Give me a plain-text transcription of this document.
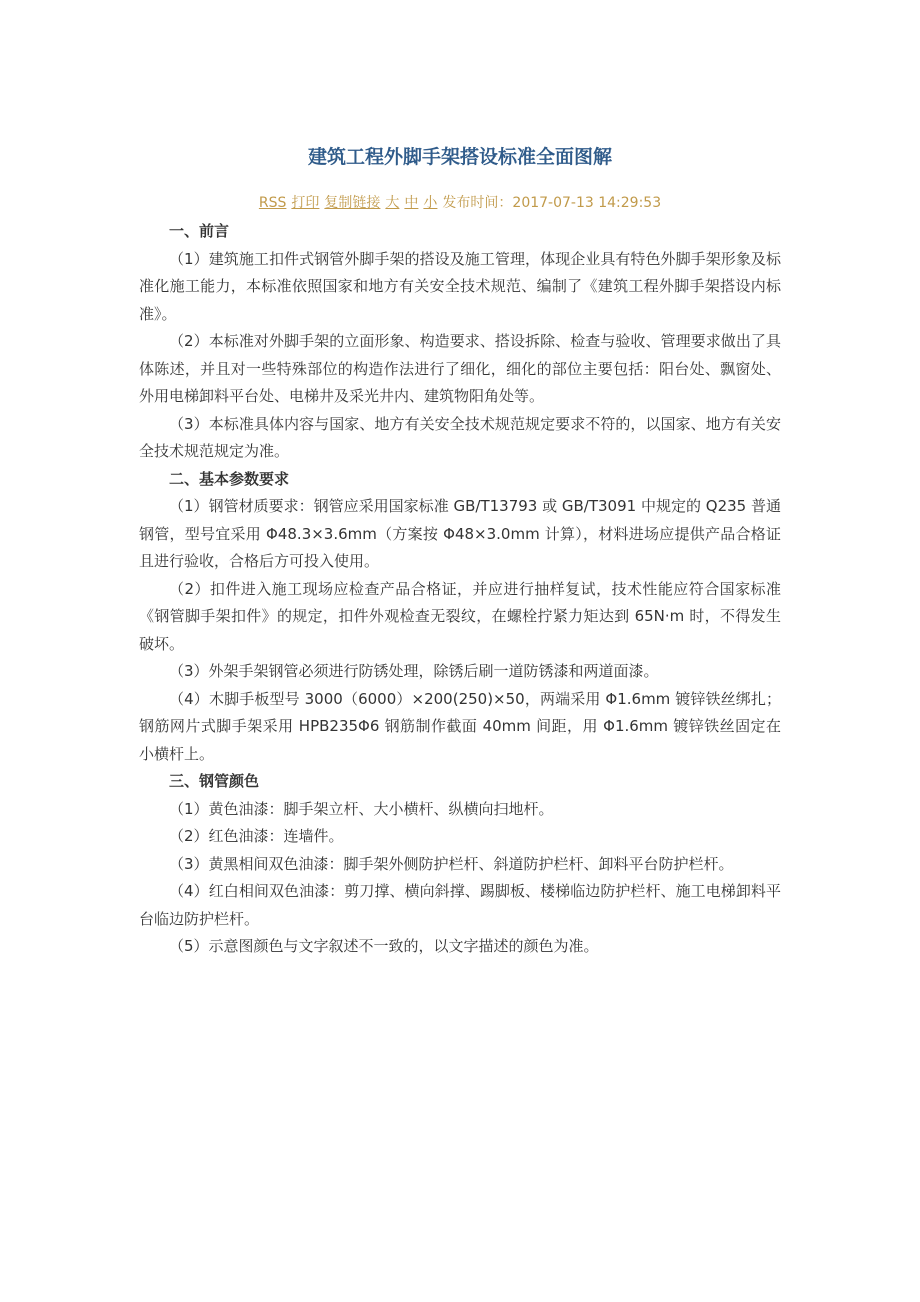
建筑工程外脚手架搭设标准全面图解
RSS 打印 复制链接 大 中 小 发布时间：2017-07-13 14:29:53

一、前言

（1）建筑施工扣件式钢管外脚手架的搭设及施工管理，体现企业具有特色外脚手架形象及标准化施工能力，本标准依照国家和地方有关安全技术规范、编制了《建筑工程外脚手架搭设内标准》。

（2）本标准对外脚手架的立面形象、构造要求、搭设拆除、检查与验收、管理要求做出了具体陈述，并且对一些特殊部位的构造作法进行了细化，细化的部位主要包括：阳台处、飘窗处、外用电梯卸料平台处、电梯井及采光井内、建筑物阳角处等。

（3）本标准具体内容与国家、地方有关安全技术规范规定要求不符的，以国家、地方有关安全技术规范规定为准。

二、基本参数要求

（1）钢管材质要求：钢管应采用国家标准 GB/T13793 或 GB/T3091 中规定的 Q235 普通钢管，型号宜采用 Φ48.3×3.6mm（方案按 Φ48×3.0mm 计算），材料进场应提供产品合格证且进行验收，合格后方可投入使用。

（2）扣件进入施工现场应检查产品合格证，并应进行抽样复试，技术性能应符合国家标准《钢管脚手架扣件》的规定，扣件外观检查无裂纹，在螺栓拧紧力矩达到 65N·m 时，不得发生破坏。

（3）外架手架钢管必须进行防锈处理，除锈后刷一道防锈漆和两道面漆。

（4）木脚手板型号 3000（6000）×200(250)×50，两端采用 Φ1.6mm 镀锌铁丝绑扎；钢筋网片式脚手架采用 HPB235Φ6 钢筋制作截面 40mm 间距，用 Φ1.6mm 镀锌铁丝固定在小横杆上。

三、钢管颜色

（1）黄色油漆：脚手架立杆、大小横杆、纵横向扫地杆。

（2）红色油漆：连墙件。

（3）黄黑相间双色油漆：脚手架外侧防护栏杆、斜道防护栏杆、卸料平台防护栏杆。

（4）红白相间双色油漆：剪刀撑、横向斜撑、踢脚板、楼梯临边防护栏杆、施工电梯卸料平台临边防护栏杆。

（5）示意图颜色与文字叙述不一致的，以文字描述的颜色为准。
